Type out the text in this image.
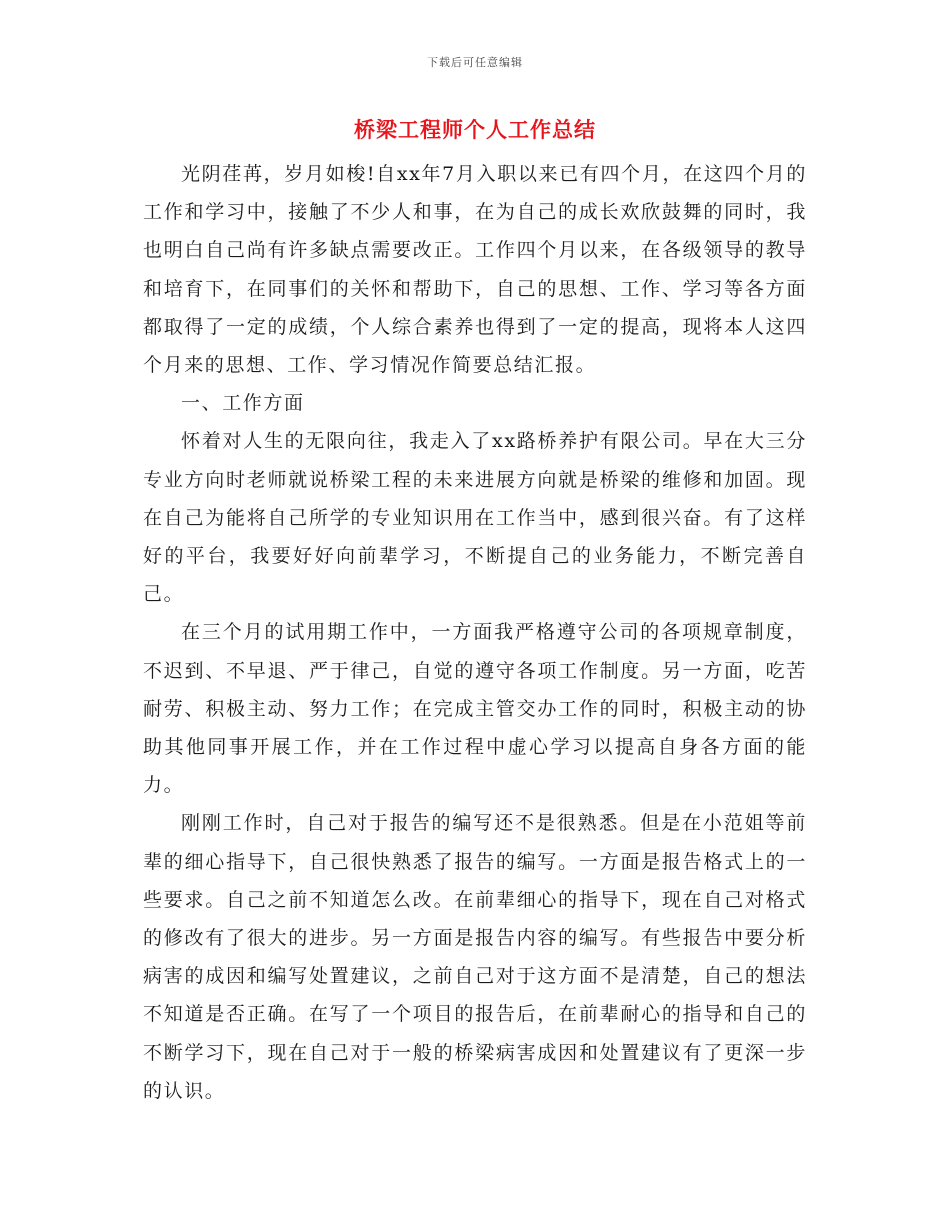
下载后可任意编辑
桥梁工程师个人工作总结

光阴荏苒，岁月如梭!自xx年7月入职以来已有四个月，在这四个月的工作和学习中，接触了不少人和事，在为自己的成长欢欣鼓舞的同时，我也明白自己尚有许多缺点需要改正。工作四个月以来，在各级领导的教导和培育下，在同事们的关怀和帮助下，自己的思想、工作、学习等各方面都取得了一定的成绩，个人综合素养也得到了一定的提高，现将本人这四个月来的思想、工作、学习情况作简要总结汇报。

一、工作方面

怀着对人生的无限向往，我走入了xx路桥养护有限公司。早在大三分专业方向时老师就说桥梁工程的未来进展方向就是桥梁的维修和加固。现在自己为能将自己所学的专业知识用在工作当中，感到很兴奋。有了这样好的平台，我要好好向前辈学习，不断提自己的业务能力，不断完善自己。

在三个月的试用期工作中，一方面我严格遵守公司的各项规章制度，不迟到、不早退、严于律己，自觉的遵守各项工作制度。另一方面，吃苦耐劳、积极主动、努力工作；在完成主管交办工作的同时，积极主动的协助其他同事开展工作，并在工作过程中虚心学习以提高自身各方面的能力。

刚刚工作时，自己对于报告的编写还不是很熟悉。但是在小范姐等前辈的细心指导下，自己很快熟悉了报告的编写。一方面是报告格式上的一些要求。自己之前不知道怎么改。在前辈细心的指导下，现在自己对格式的修改有了很大的进步。另一方面是报告内容的编写。有些报告中要分析病害的成因和编写处置建议，之前自己对于这方面不是清楚，自己的想法不知道是否正确。在写了一个项目的报告后，在前辈耐心的指导和自己的不断学习下，现在自己对于一般的桥梁病害成因和处置建议有了更深一步的认识。
